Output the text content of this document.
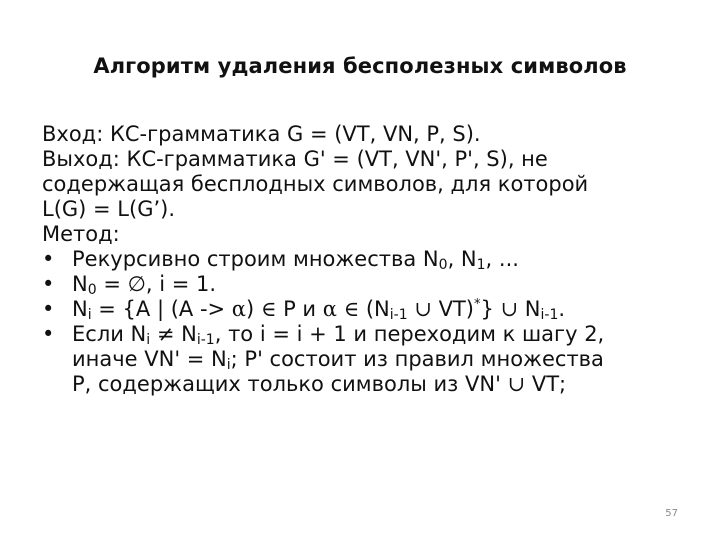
Алгоритм удаления бесполезных символов
Вход: КС-грамматика G = (VT, VN, P, S).
Выход: КС-грамматика G' = (VT, VN', P', S), не
содержащая бесплодных символов, для которой
L(G) = L(G’).
Метод:
• Рекурсивно строим множества $N_0$, $N_1$, ...
• $N_0$ = ∅, i = 1.
• $N_i = \{A$ | (A -> α) ∈ P и α ∈ ($N_{i-1}$ ∪ VT)*} ∪ $N_{i-1}$.
• Если $N_i \ne N_{i-1}$, то i = i + 1 и переходим к шагу 2,
иначе $VN' = N_i$; P' состоит из правил множества
P, содержащих только символы из VN' ∪ VT;
57
